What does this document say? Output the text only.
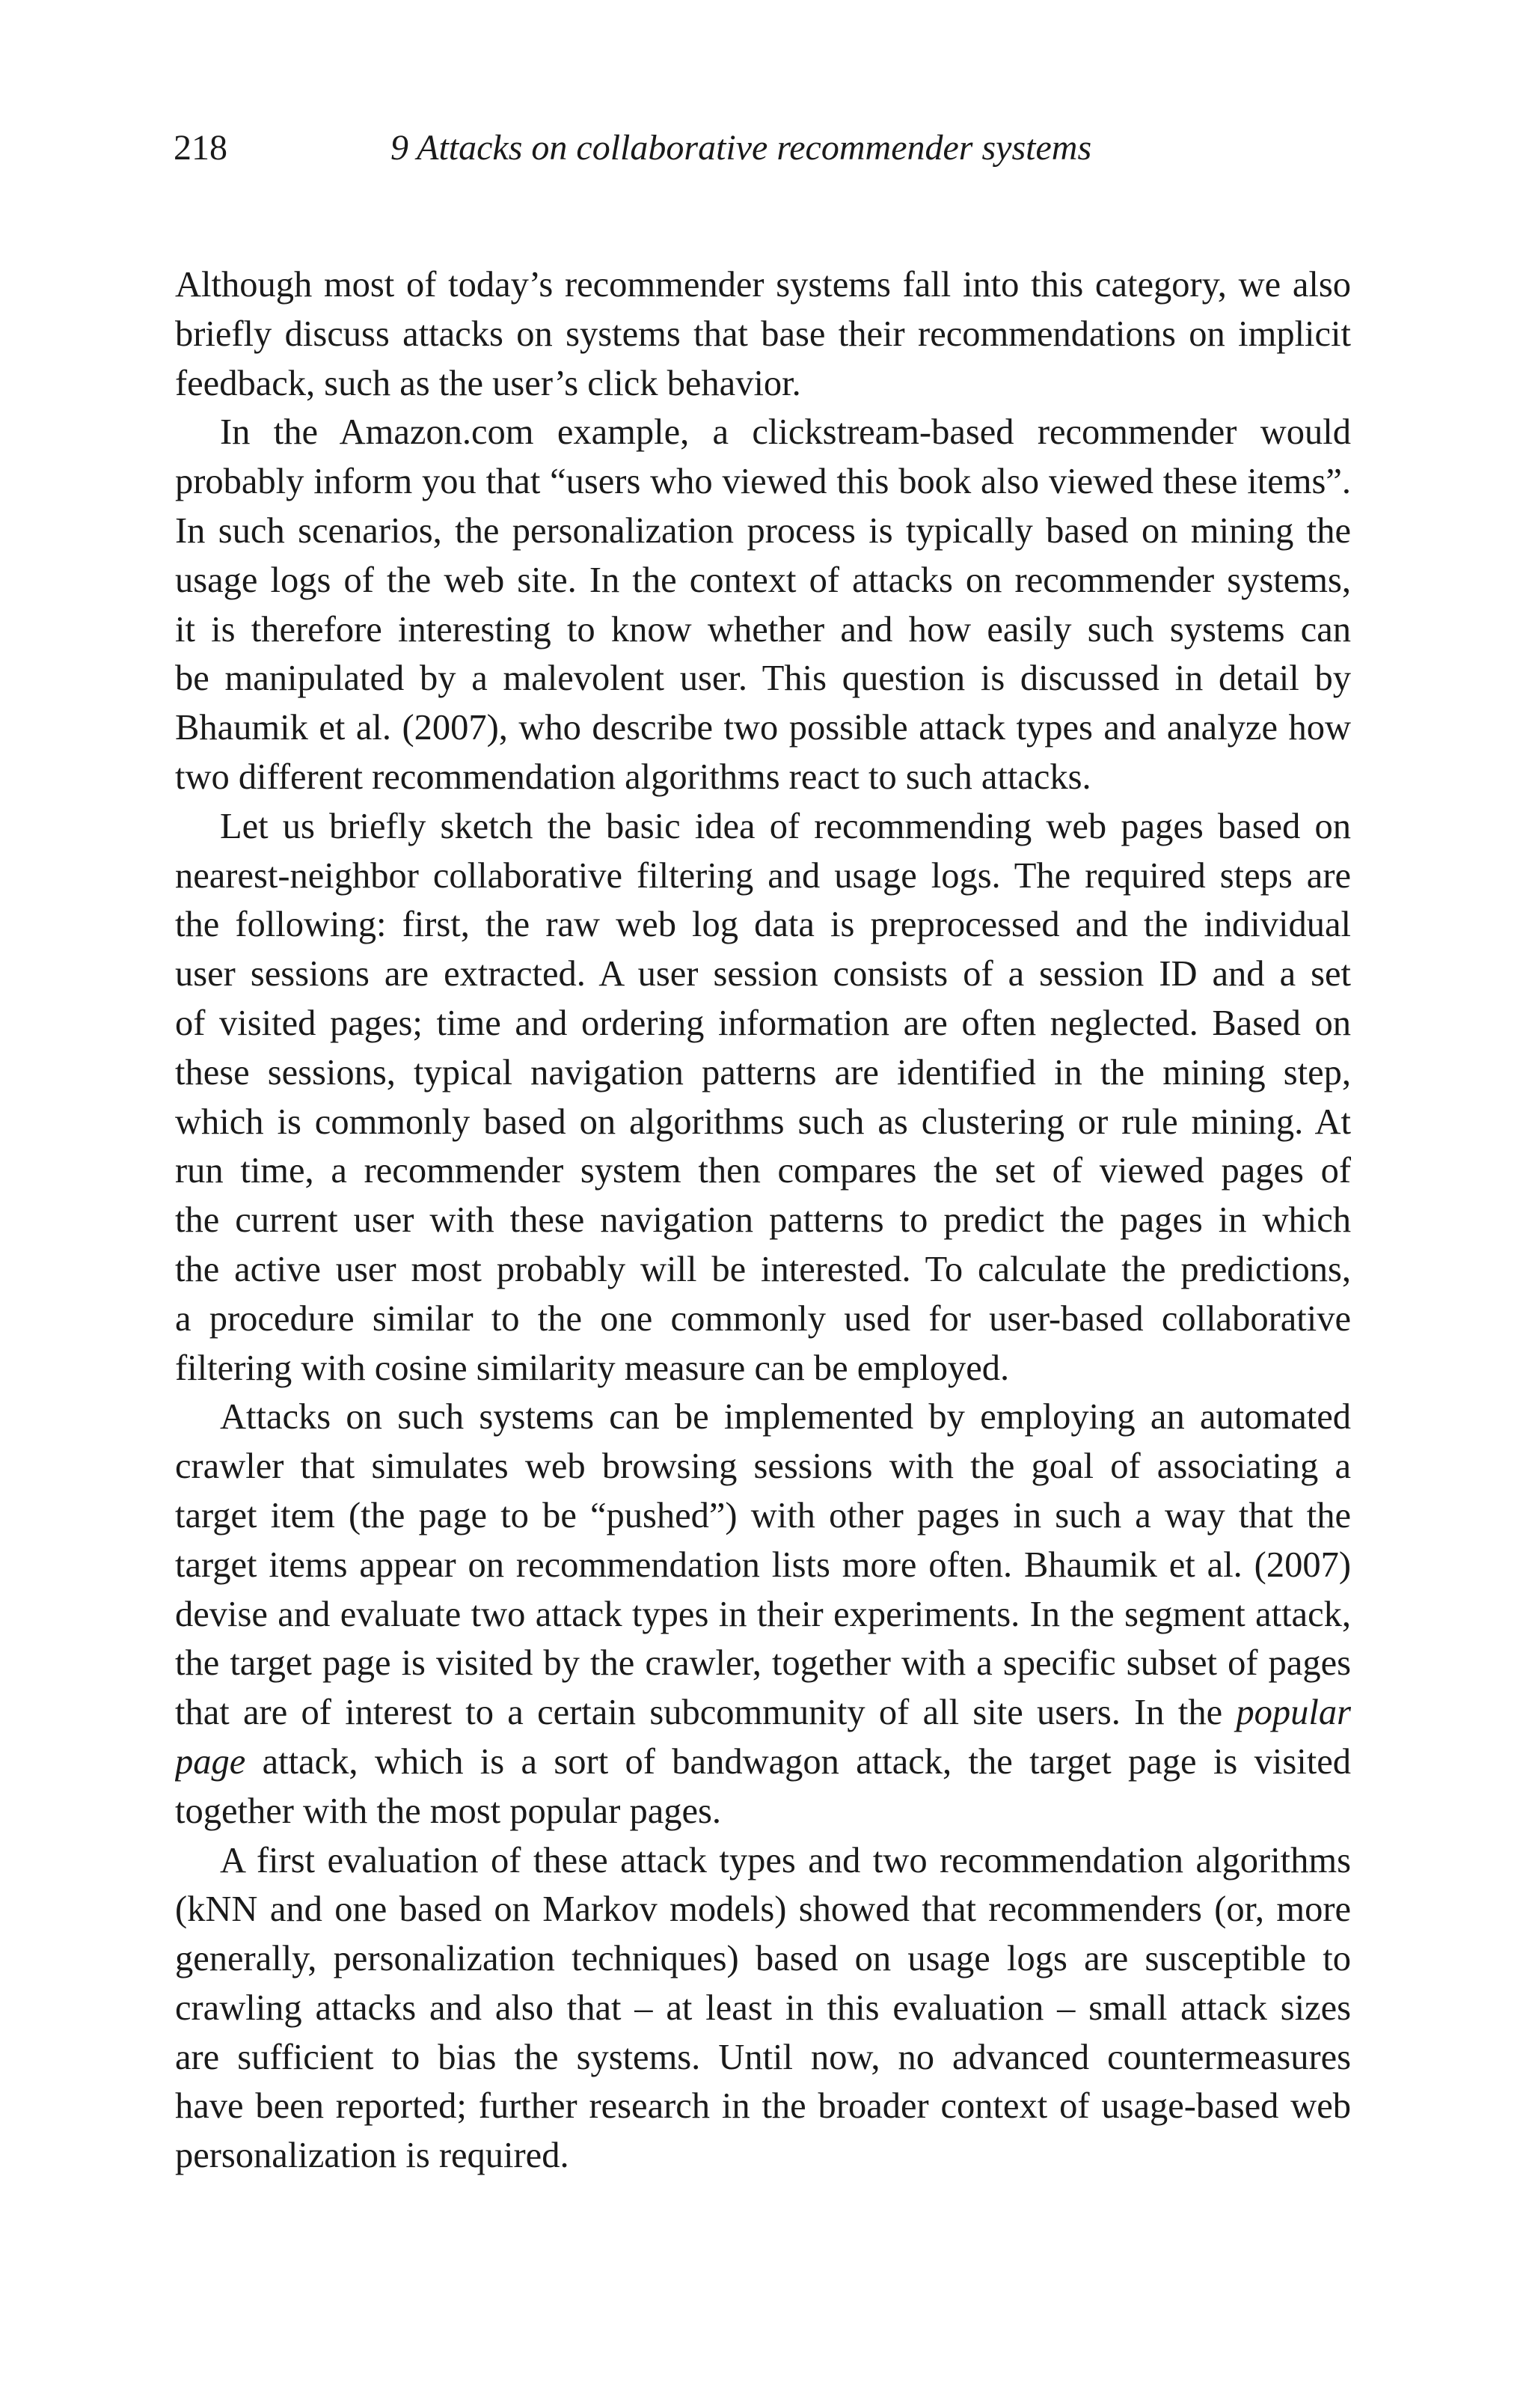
218	9 Attacks on collaborative recommender systems
Although most of today’s recommender systems fall into this category, we also
briefly discuss attacks on systems that base their recommendations on implicit
feedback, such as the user’s click behavior.
In the Amazon.com example, a clickstream-based recommender would
probably inform you that “users who viewed this book also viewed these items”.
In such scenarios, the personalization process is typically based on mining the
usage logs of the web site. In the context of attacks on recommender systems,
it is therefore interesting to know whether and how easily such systems can
be manipulated by a malevolent user. This question is discussed in detail by
Bhaumik et al. (2007), who describe two possible attack types and analyze how
two different recommendation algorithms react to such attacks.
Let us briefly sketch the basic idea of recommending web pages based on
nearest-neighbor collaborative filtering and usage logs. The required steps are
the following: first, the raw web log data is preprocessed and the individual
user sessions are extracted. A user session consists of a session ID and a set
of visited pages; time and ordering information are often neglected. Based on
these sessions, typical navigation patterns are identified in the mining step,
which is commonly based on algorithms such as clustering or rule mining. At
run time, a recommender system then compares the set of viewed pages of
the current user with these navigation patterns to predict the pages in which
the active user most probably will be interested. To calculate the predictions,
a procedure similar to the one commonly used for user-based collaborative
filtering with cosine similarity measure can be employed.
Attacks on such systems can be implemented by employing an automated
crawler that simulates web browsing sessions with the goal of associating a
target item (the page to be “pushed”) with other pages in such a way that the
target items appear on recommendation lists more often. Bhaumik et al. (2007)
devise and evaluate two attack types in their experiments. In the segment attack,
the target page is visited by the crawler, together with a specific subset of pages
that are of interest to a certain subcommunity of all site users. In the popular
page attack, which is a sort of bandwagon attack, the target page is visited
together with the most popular pages.
A first evaluation of these attack types and two recommendation algorithms
(kNN and one based on Markov models) showed that recommenders (or, more
generally, personalization techniques) based on usage logs are susceptible to
crawling attacks and also that – at least in this evaluation – small attack sizes
are sufficient to bias the systems. Until now, no advanced countermeasures
have been reported; further research in the broader context of usage-based web
personalization is required.
